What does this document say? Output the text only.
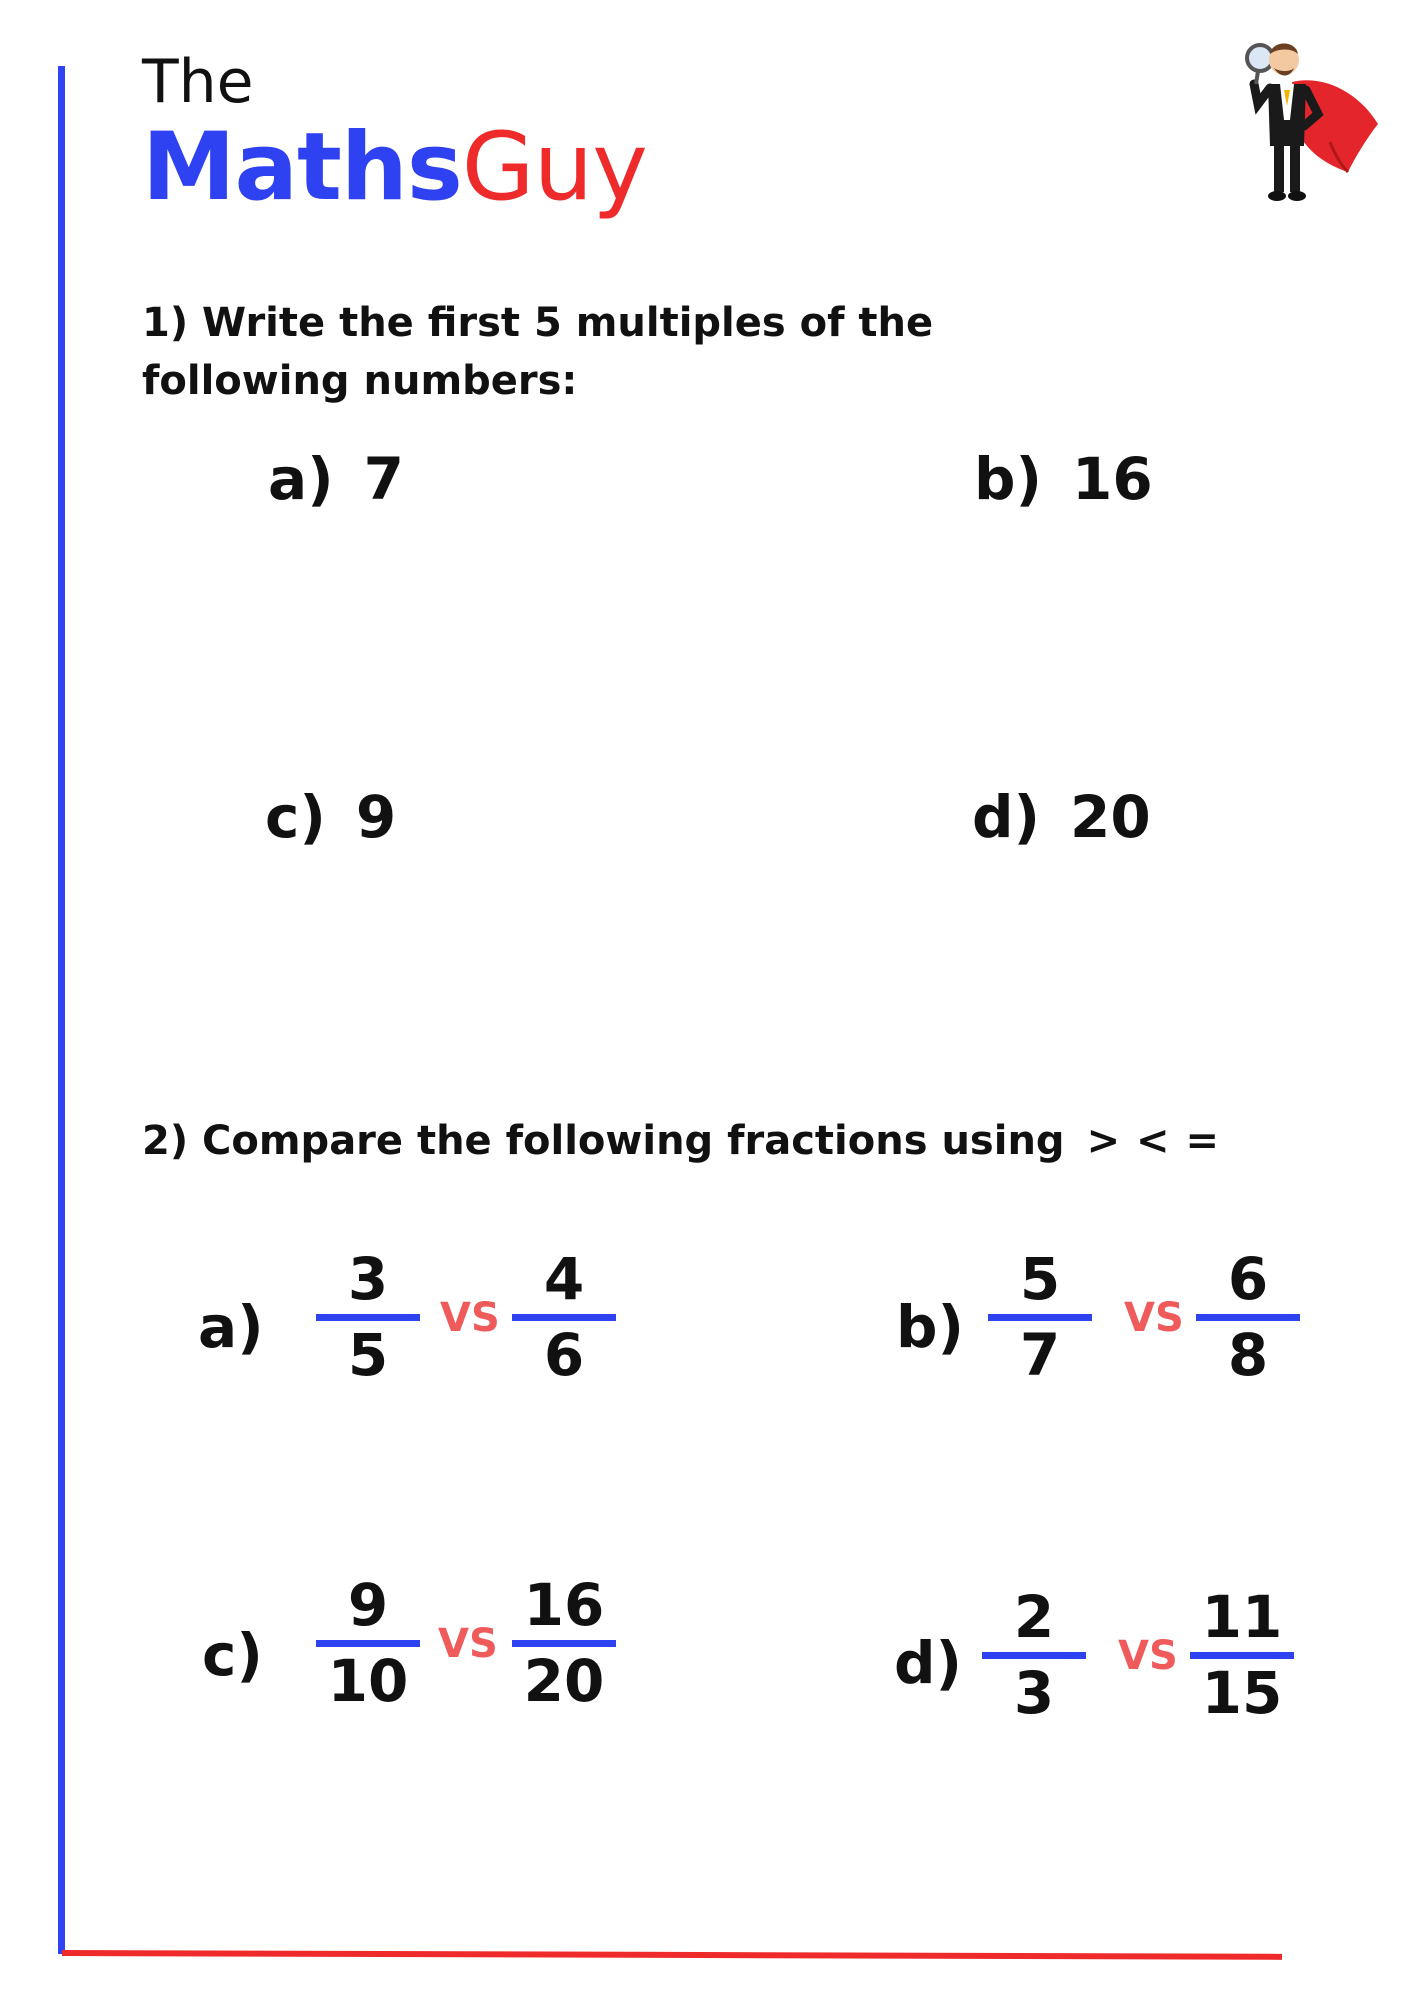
The
MathsGuy
1) Write the first 5 multiples of the
following numbers:
a) 7	b) 16
c) 9	d) 20
2) Compare the following fractions using > < =
a)
3
5
VS
4
6	b)
5
7
VS
6
8
c)
9
10
VS
16
20	d)
2
3
VS
11
15
